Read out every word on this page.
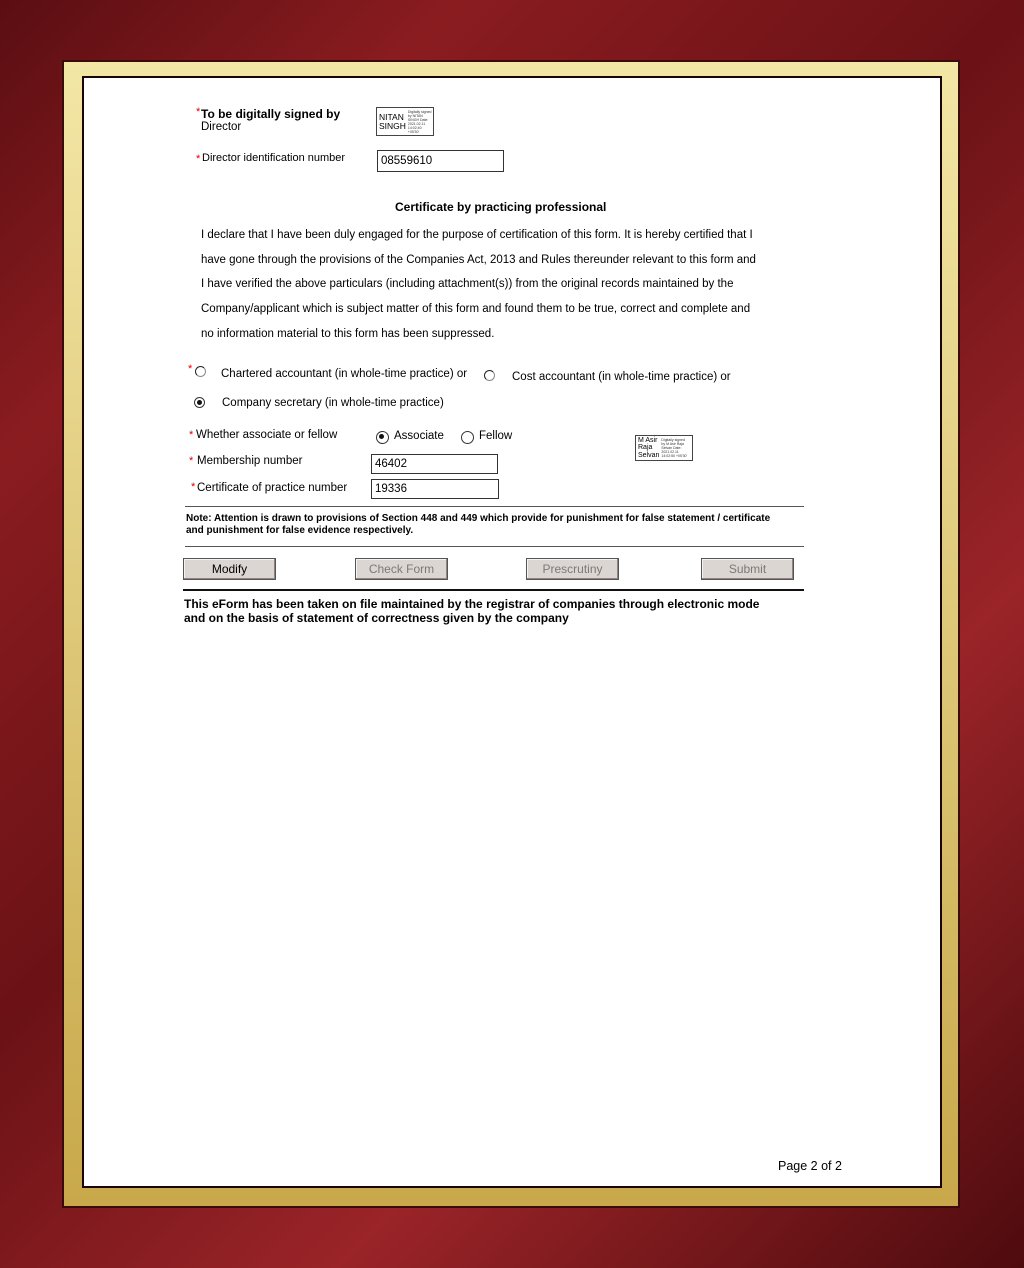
* To be digitally signed by
Director
NITAN
SINGH
Digitally signed by NITAN SINGH Date: 2021.02.11 14:02:40 +05'30'
* Director identification number	08559610
Certificate by practicing professional
I declare that I have been duly engaged for the purpose of certification of this form. It is hereby certified that I
have gone through the provisions of the Companies Act, 2013 and Rules thereunder relevant to this form and
I have verified the above particulars (including attachment(s)) from the original records maintained by the
Company/applicant which is subject matter of this form and found them to be true, correct and complete and
no information material to this form has been suppressed.
* Chartered accountant (in whole-time practice) or	Cost accountant (in whole-time practice) or
Company secretary (in whole-time practice)
* Whether associate or fellow	Associate	Fellow	M Asir
Raja
Selvan
Digitally signed by M Asir Raja Selvan Date: 2021.02.11 14:02:50 +05'30'
* Membership number	46402
* Certificate of practice number	19336
Note: Attention is drawn to provisions of Section 448 and 449 which provide for punishment for false statement / certificate
and punishment for false evidence respectively.
Modify	Check Form	Prescrutiny	Submit
This eForm has been taken on file maintained by the registrar of companies through electronic mode
and on the basis of statement of correctness given by the company
Page 2 of 2
